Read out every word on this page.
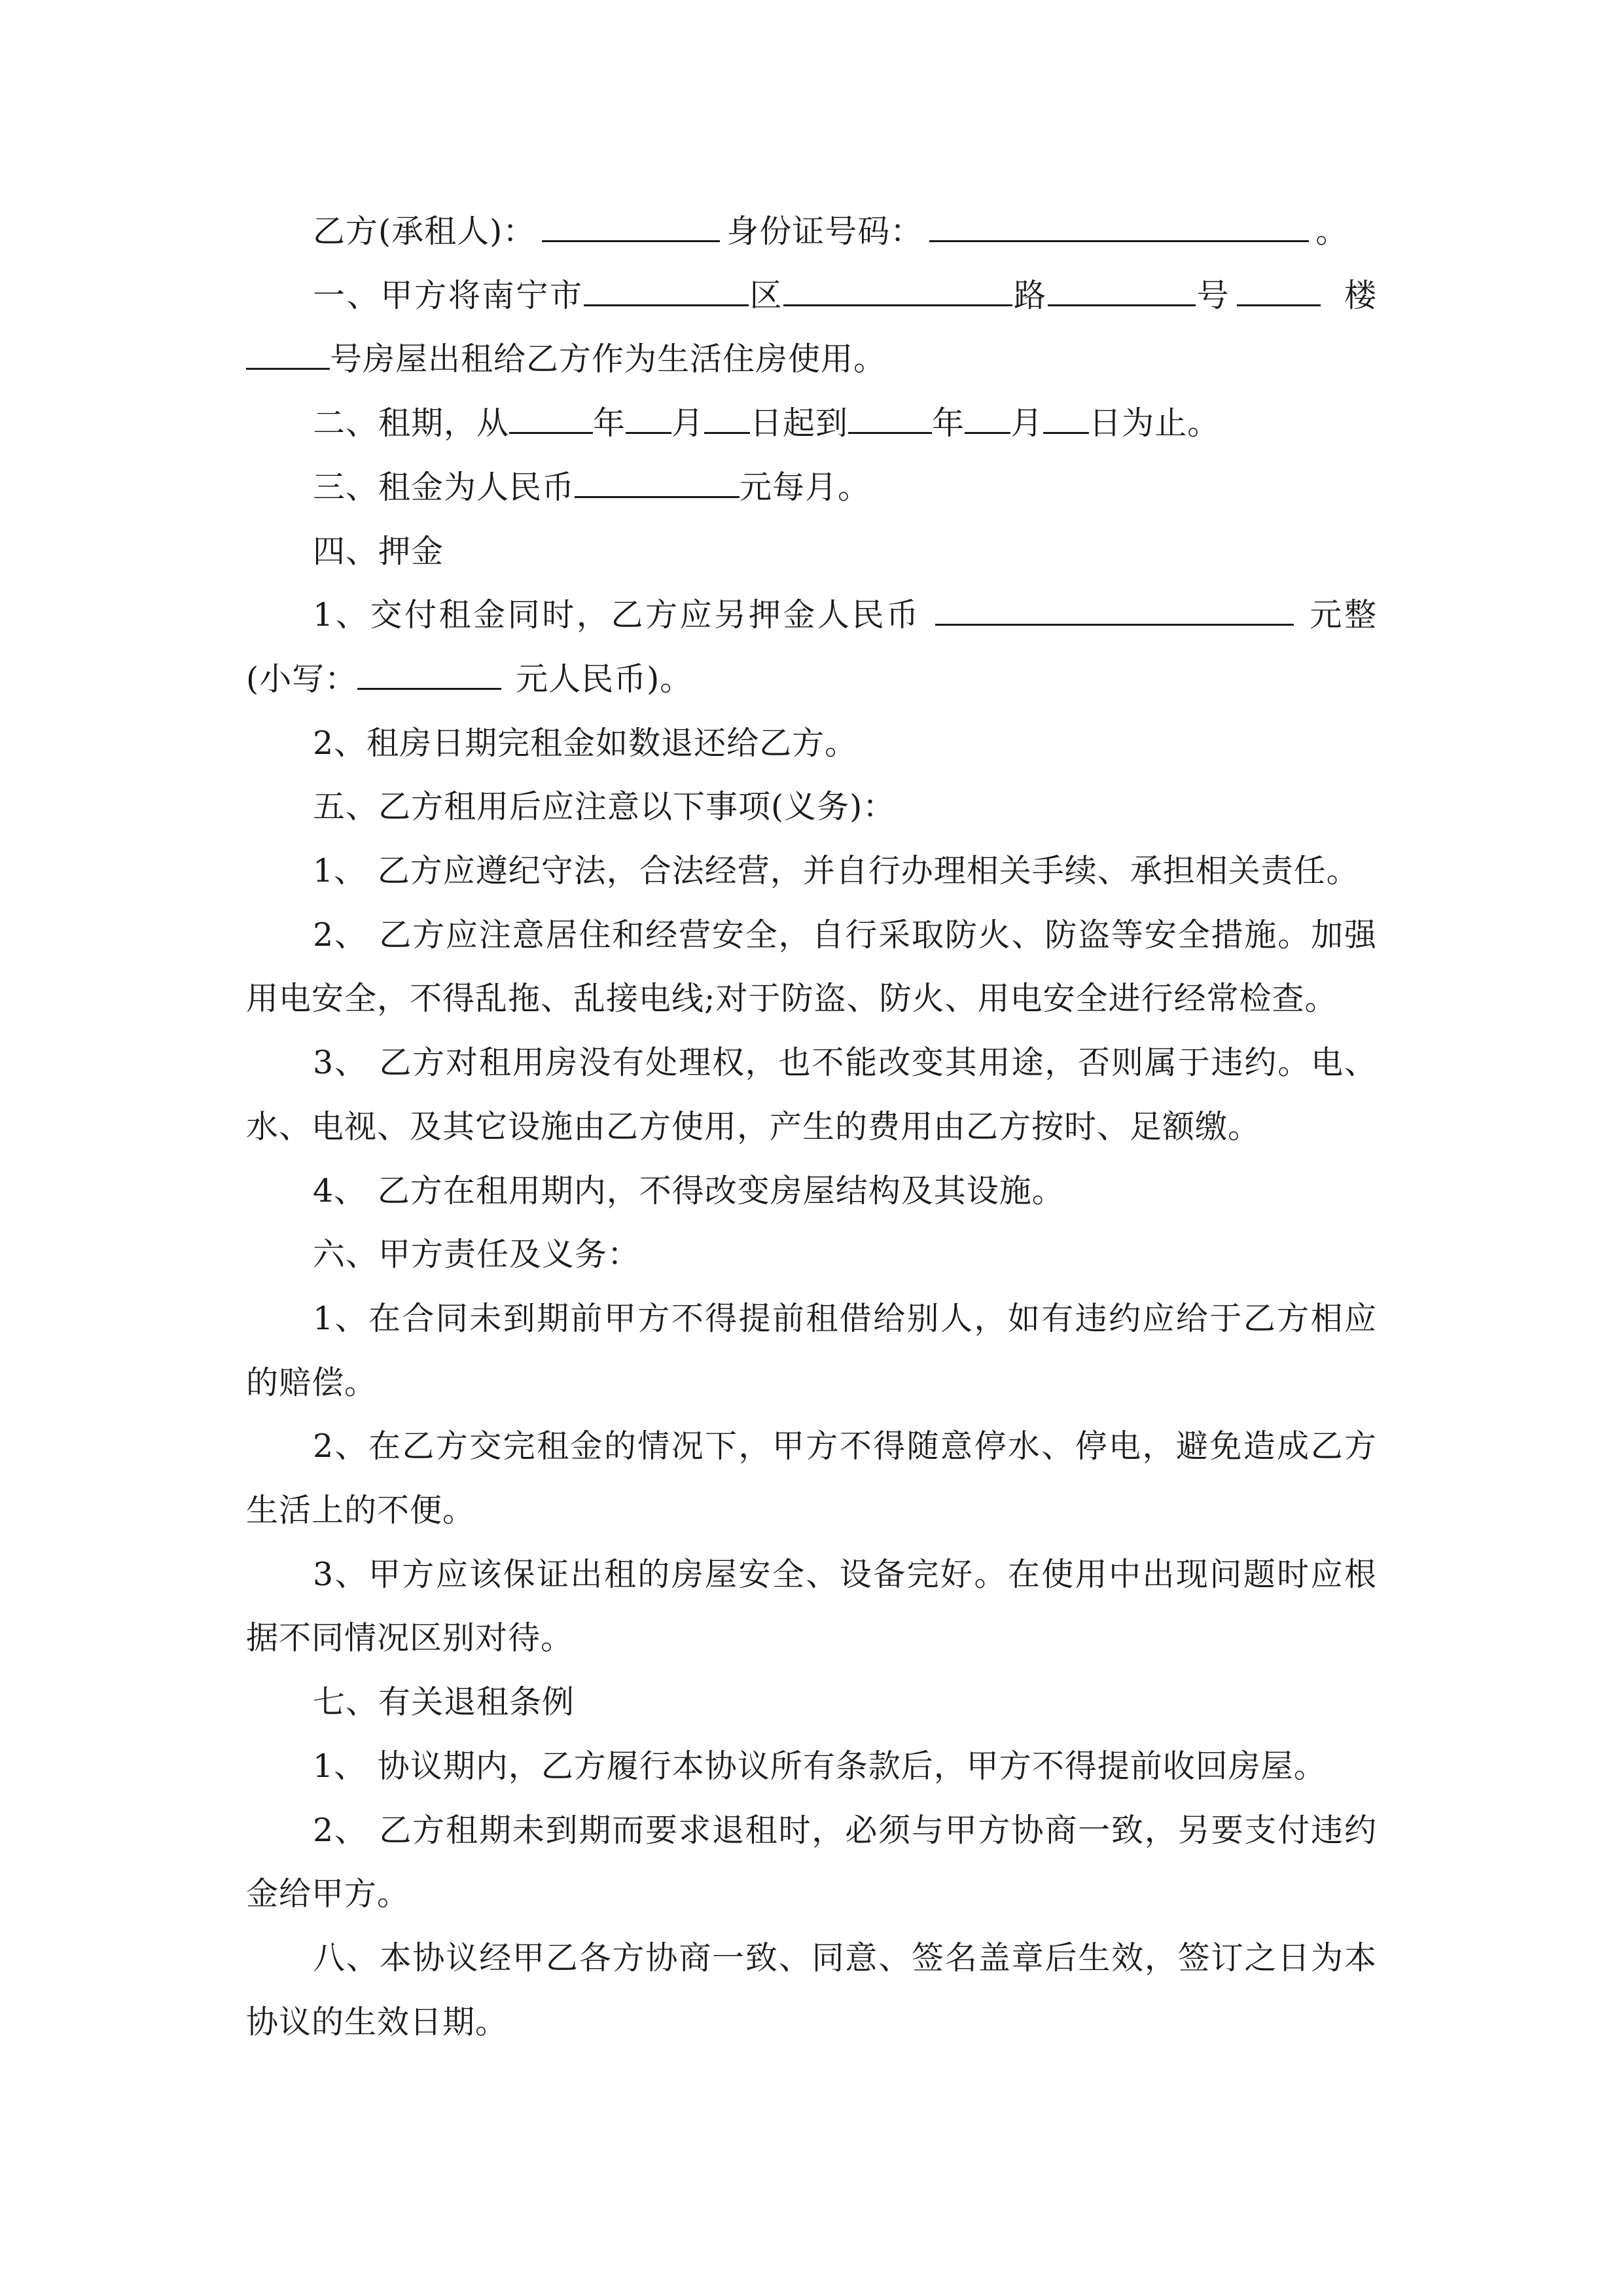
乙方(承租人)：	身份证号码：	。

一、甲方将南宁市	区	路	号	楼号房屋出租给乙方作为生活住房使用。

二、租期，从	年 月 日起到	年 月 日为止。

三、租金为人民币	元每月。

四、押金

1、交付租金同时，乙方应另押金人民币	元整(小写：	元人民币)。

2、租房日期完租金如数退还给乙方。

五、乙方租用后应注意以下事项(义务)：

1、 乙方应遵纪守法，合法经营，并自行办理相关手续、承担相关责任。

2、 乙方应注意居住和经营安全，自行采取防火、防盗等安全措施。加强用电安全，不得乱拖、乱接电线;对于防盗、防火、用电安全进行经常检查。

3、 乙方对租用房没有处理权，也不能改变其用途，否则属于违约。电、水、电视、及其它设施由乙方使用，产生的费用由乙方按时、足额缴。

4、 乙方在租用期内，不得改变房屋结构及其设施。

六、甲方责任及义务：

1、在合同未到期前甲方不得提前租借给别人，如有违约应给于乙方相应的赔偿。

2、在乙方交完租金的情况下，甲方不得随意停水、停电，避免造成乙方生活上的不便。

3、甲方应该保证出租的房屋安全、设备完好。在使用中出现问题时应根据不同情况区别对待。

七、有关退租条例

1、 协议期内，乙方履行本协议所有条款后，甲方不得提前收回房屋。

2、 乙方租期未到期而要求退租时，必须与甲方协商一致，另要支付违约金给甲方。

八、本协议经甲乙各方协商一致、同意、签名盖章后生效，签订之日为本协议的生效日期。
